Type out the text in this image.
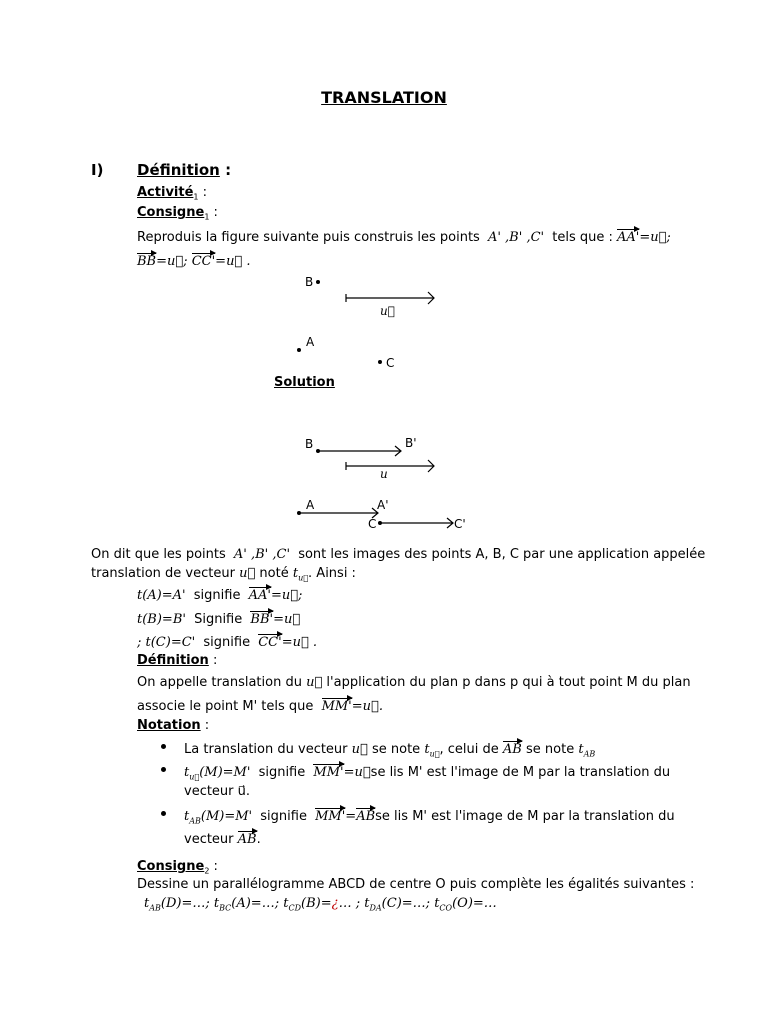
TRANSLATION
I) Définition :
Activité$_1$ :
Consigne$_1$ :
Reproduis la figure suivante puis construis les points A' ,B' ,C' tels que : AA'=u⃗;
BB=u⃗; CC'=u⃗ .
B
u⃗
A
C
Solution
B	B'
u
A	A'
C	C'
On dit que les points A' ,B' ,C' sont les images des points A, B, C par une application appelée
translation de vecteur u⃗ noté $t_{u⃗}$. Ainsi :
t(A)=A' signifie AA'=u⃗;
t(B)=B' Signifie BB'=u⃗
; t(C)=C' signifie CC'=u⃗ .
Définition :
On appelle translation du u⃗ l'application du plan p dans p qui à tout point M du plan
associe le point M' tels que MM'=u⃗.
Notation :
La translation du vecteur u⃗ se note $t_{u⃗}$, celui de AB se note $t_{AB}$
$t_{u⃗}(M)=M'$ signifie MM'=u⃗se lis M' est l'image de M par la translation du
vecteur u⃗.
$t_{AB}(M)=M'$ signifie MM'=ABse lis M' est l'image de M par la translation du
vecteur AB.
Consigne$_2$ :
Dessine un parallélogramme ABCD de centre O puis complète les égalités suivantes :
$t_{AB}(D)=\dots$; $t_{BC}(A)=\dots$; $t_{CD}(B)=¿\dots$ ; $t_{DA}(C)=\dots$; $t_{CO}(O)=\dots$
